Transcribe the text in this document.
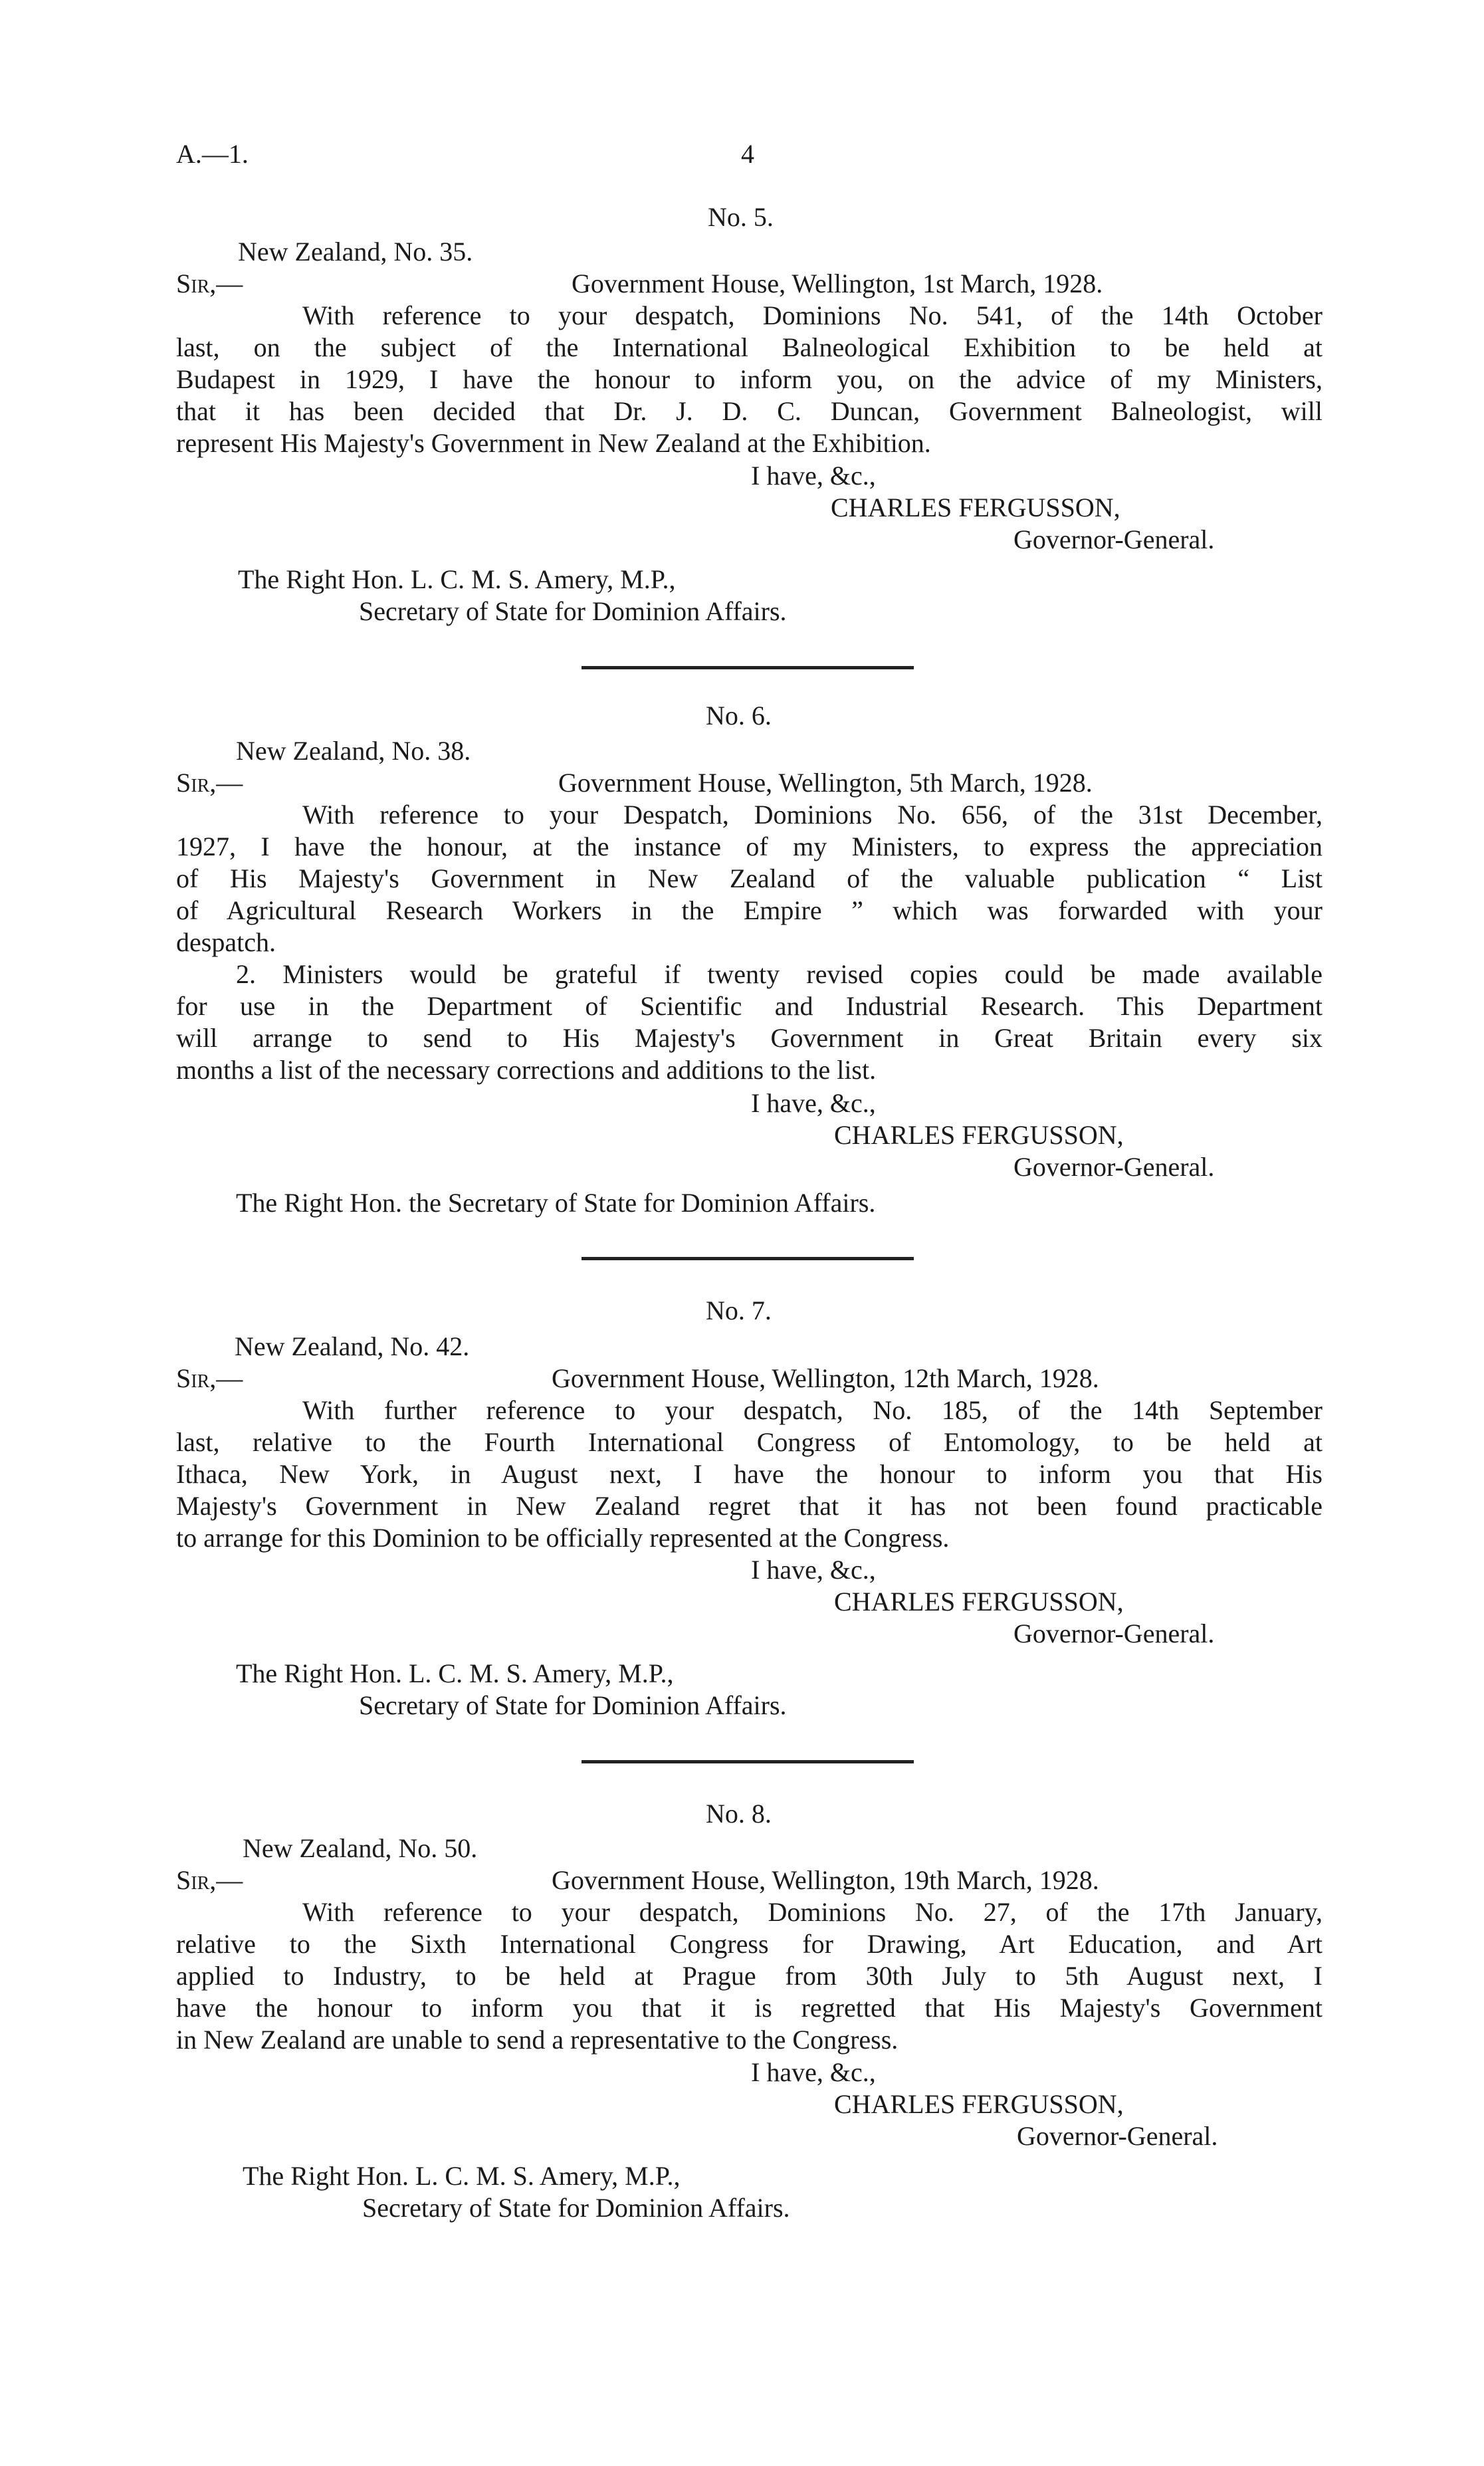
A.—1.	4
No. 5.
New Zealand, No. 35.
Sir,—	Government House, Wellington, 1st March, 1928.
With reference to your despatch, Dominions No. 541, of the 14th October
last, on the subject of the International Balneological Exhibition to be held at
Budapest in 1929, I have the honour to inform you, on the advice of my Ministers,
that it has been decided that Dr. J. D. C. Duncan, Government Balneologist, will
represent His Majesty's Government in New Zealand at the Exhibition.
I have, &c.,
CHARLES FERGUSSON,
Governor-General.
The Right Hon. L. C. M. S. Amery, M.P.,
Secretary of State for Dominion Affairs.
No. 6.
New Zealand, No. 38.
Sir,—	Government House, Wellington, 5th March, 1928.
With reference to your Despatch, Dominions No. 656, of the 31st December,
1927, I have the honour, at the instance of my Ministers, to express the appreciation
of His Majesty's Government in New Zealand of the valuable publication “ List
of Agricultural Research Workers in the Empire ” which was forwarded with your
despatch.
2. Ministers would be grateful if twenty revised copies could be made available
for use in the Department of Scientific and Industrial Research. This Department
will arrange to send to His Majesty's Government in Great Britain every six
months a list of the necessary corrections and additions to the list.
I have, &c.,
CHARLES FERGUSSON,
Governor-General.
The Right Hon. the Secretary of State for Dominion Affairs.
No. 7.
New Zealand, No. 42.
Sir,—	Government House, Wellington, 12th March, 1928.
With further reference to your despatch, No. 185, of the 14th September
last, relative to the Fourth International Congress of Entomology, to be held at
Ithaca, New York, in August next, I have the honour to inform you that His
Majesty's Government in New Zealand regret that it has not been found practicable
to arrange for this Dominion to be officially represented at the Congress.
I have, &c.,
CHARLES FERGUSSON,
Governor-General.
The Right Hon. L. C. M. S. Amery, M.P.,
Secretary of State for Dominion Affairs.
No. 8.
New Zealand, No. 50.
Sir,—	Government House, Wellington, 19th March, 1928.
With reference to your despatch, Dominions No. 27, of the 17th January,
relative to the Sixth International Congress for Drawing, Art Education, and Art
applied to Industry, to be held at Prague from 30th July to 5th August next, I
have the honour to inform you that it is regretted that His Majesty's Government
in New Zealand are unable to send a representative to the Congress.
I have, &c.,
CHARLES FERGUSSON,
Governor-General.
The Right Hon. L. C. M. S. Amery, M.P.,
Secretary of State for Dominion Affairs.
